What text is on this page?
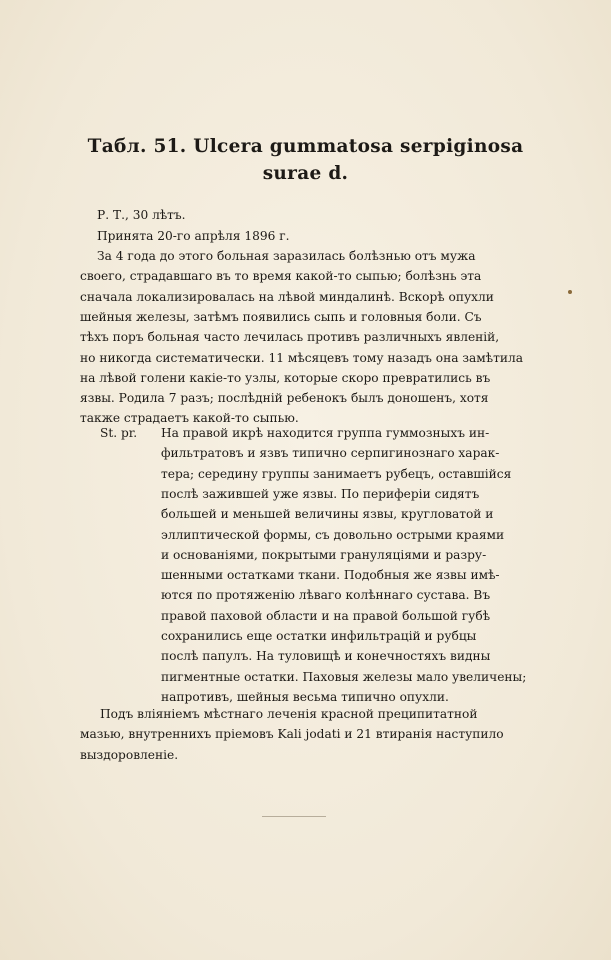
Табл. 51. Ulcera gummatosa serpiginosa
surae d.
Р. Т., 30 лѣтъ.
Принята 20-го апрѣля 1896 г.
За 4 года до этого больная заразилась болѣзнью отъ мужа
своего, страдавшаго въ то время какой-то сыпью; болѣзнь эта
сначала локализировалась на лѣвой миндалинѣ. Вскорѣ опухли
шейныя железы, затѣмъ появились сыпь и головныя боли. Съ
тѣхъ поръ больная часто лечилась противъ различныхъ явленій,
но никогда систематически. 11 мѣсяцевъ тому назадъ она замѣтила
на лѣвой голени какіе-то узлы, которые скоро превратились въ
язвы. Родила 7 разъ; послѣдній ребенокъ былъ доношенъ, хотя
также страдаетъ какой-то сыпью.
St. pr. На правой икрѣ находится группа гуммозныхъ ин-
фильтратовъ и язвъ типично серпигинознаго харак-
тера; середину группы занимаетъ рубецъ, оставшійся
послѣ зажившей уже язвы. По периферіи сидятъ
большей и меньшей величины язвы, кругловатой и
эллиптической формы, съ довольно острыми краями
и основаніями, покрытыми грануляціями и разру-
шенными остатками ткани. Подобныя же язвы имѣ-
ются по протяженію лѣваго колѣннаго сустава. Въ
правой паховой области и на правой большой губѣ
сохранились еще остатки инфильтрацій и рубцы
послѣ папулъ. На туловищѣ и конечностяхъ видны
пигментные остатки. Паховыя железы мало увеличены;
напротивъ, шейныя весьма типично опухли.
Подъ вліяніемъ мѣстнаго леченія красной преципитатной
мазью, внутреннихъ пріемовъ Kali jodati и 21 втиранія наступило
выздоровленіе.
